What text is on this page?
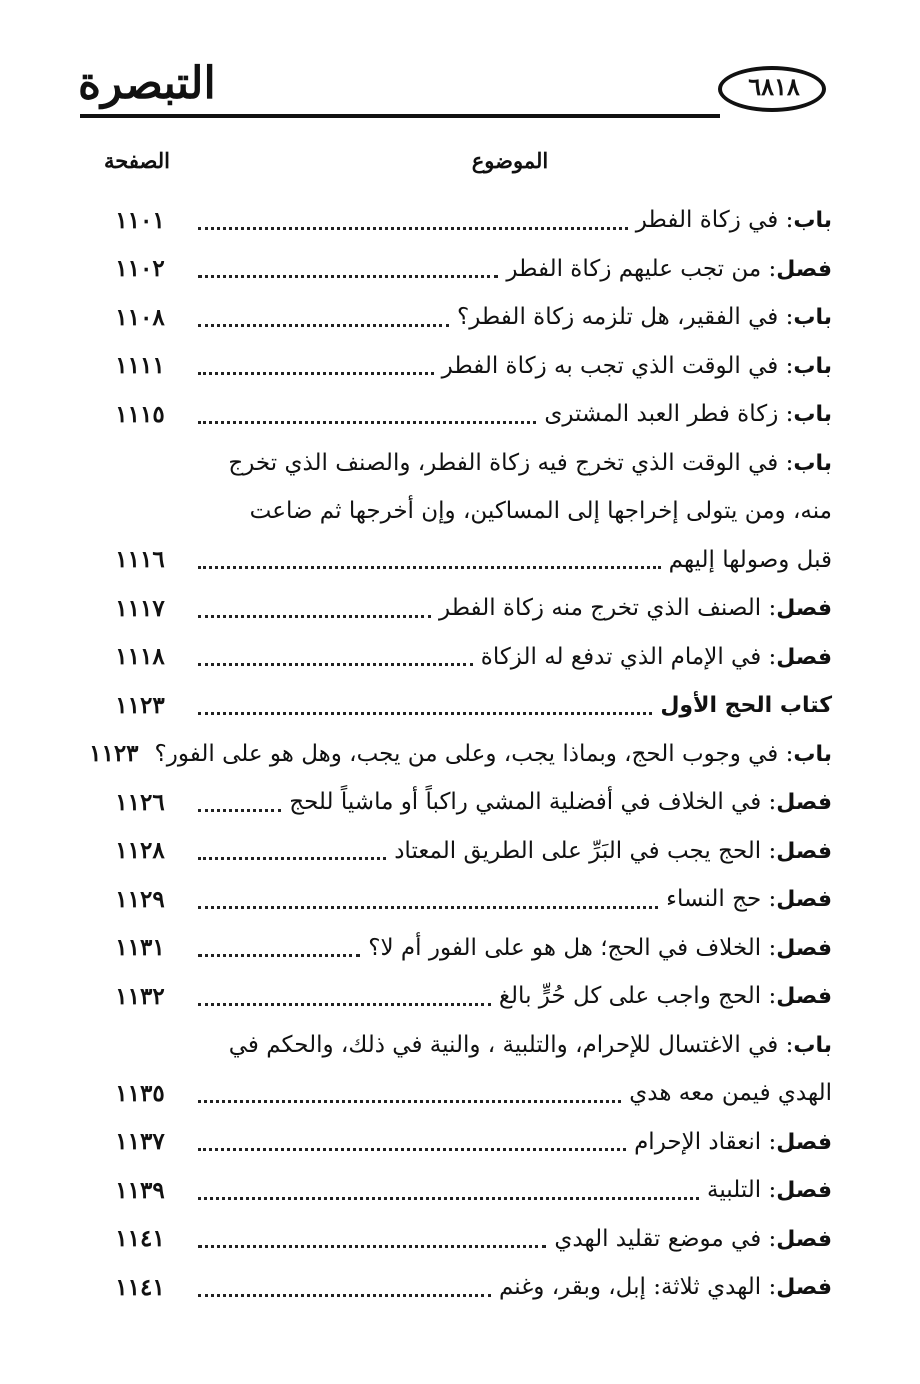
٦٨١٨
التبصرة
الموضوع
الصفحة
باب: في زكاة الفطر
١١٠١
فصل: من تجب عليهم زكاة الفطر
١١٠٢
باب: في الفقير، هل تلزمه زكاة الفطر؟
١١٠٨
باب: في الوقت الذي تجب به زكاة الفطر
١١١١
باب: زكاة فطر العبد المشترى
١١١٥
باب: في الوقت الذي تخرج فيه زكاة الفطر، والصنف الذي تخرج
منه، ومن يتولى إخراجها إلى المساكين، وإن أخرجها ثم ضاعت
قبل وصولها إليهم
١١١٦
فصل: الصنف الذي تخرج منه زكاة الفطر
١١١٧
فصل: في الإمام الذي تدفع له الزكاة
١١١٨
كتاب الحج الأول
١١٢٣
باب: في وجوب الحج، وبماذا يجب، وعلى من يجب، وهل هو على الفور؟
١١٢٣
فصل: في الخلاف في أفضلية المشي راكباً أو ماشياً للحج
١١٢٦
فصل: الحج يجب في البَرِّ على الطريق المعتاد
١١٢٨
فصل: حج النساء
١١٢٩
فصل: الخلاف في الحج؛ هل هو على الفور أم لا؟
١١٣١
فصل: الحج واجب على كل حُرٍّ بالغ
١١٣٢
باب: في الاغتسال للإحرام، والتلبية ، والنية في ذلك، والحكم في
الهدي فيمن معه هدي
١١٣٥
فصل: انعقاد الإحرام
١١٣٧
فصل: التلبية
١١٣٩
فصل: في موضع تقليد الهدي
١١٤١
فصل: الهدي ثلاثة: إبل، وبقر، وغنم
١١٤١
